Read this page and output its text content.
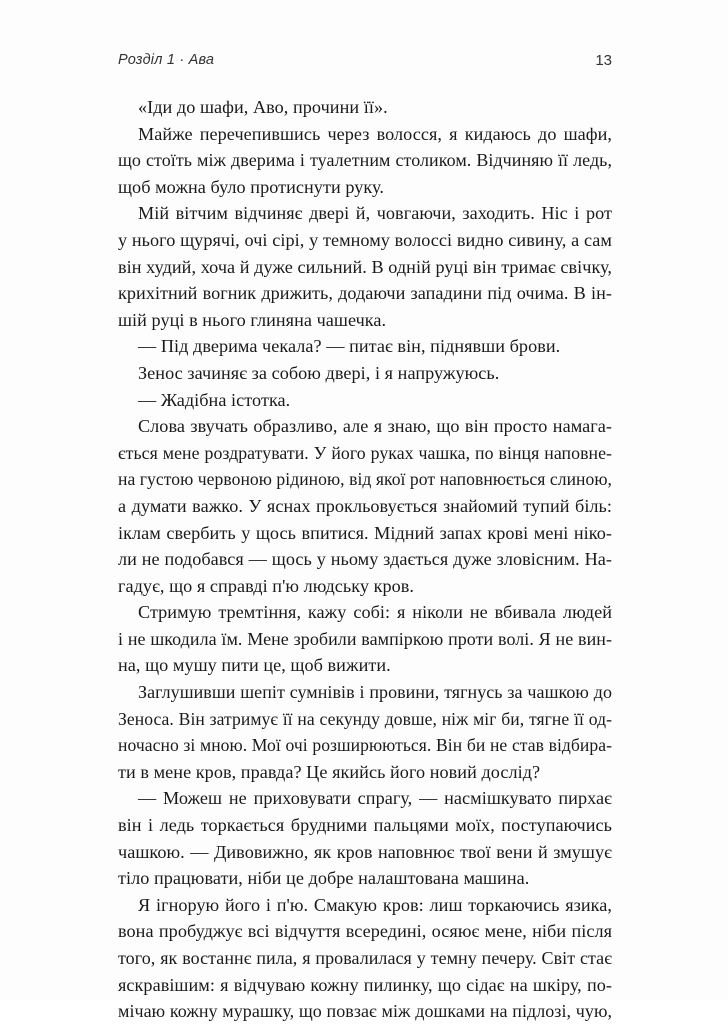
Розділ 1 · Ава	13
«Іди до шафи, Аво, прочини її».
Майже перечепившись через волосся, я кидаюсь до шафи,
що стоїть між дверима і туалетним столиком. Відчиняю її ледь,
щоб можна було протиснути руку.
Мій вітчим відчиняє двері й, човгаючи, заходить. Ніс і рот
у нього щурячі, очі сірі, у темному волоссі видно сивину, а сам
він худий, хоча й дуже сильний. В одній руці він тримає свічку,
крихітний вогник дрижить, додаючи западини під очима. В ін-
шій руці в нього глиняна чашечка.
— Під дверима чекала? — питає він, піднявши брови.
Зенос зачиняє за собою двері, і я напружуюсь.
— Жадібна істотка.
Слова звучать образливо, але я знаю, що він просто намага-
ється мене роздратувати. У його руках чашка, по вінця наповне-
на густою червоною рідиною, від якої рот наповнюється слиною,
а думати важко. У яснах прокльовується знайомий тупий біль:
іклам свербить у щось впитися. Мідний запах крові мені ніко-
ли не подобався — щось у ньому здається дуже зловісним. На-
гадує, що я справді п'ю людську кров.
Стримую тремтіння, кажу собі: я ніколи не вбивала людей
і не шкодила їм. Мене зробили вампіркою проти волі. Я не вин-
на, що мушу пити це, щоб вижити.
Заглушивши шепіт сумнівів і провини, тягнусь за чашкою до
Зеноса. Він затримує її на секунду довше, ніж міг би, тягне її од-
ночасно зі мною. Мої очі розширюються. Він би не став відбира-
ти в мене кров, правда? Це якийсь його новий дослід?
— Можеш не приховувати спрагу, — насмішкувато пирхає
він і ледь торкається брудними пальцями моїх, поступаючись
чашкою. — Дивовижно, як кров наповнює твої вени й змушує
тіло працювати, ніби це добре налаштована машина.
Я ігнорую його і п'ю. Смакую кров: лиш торкаючись язика,
вона пробуджує всі відчуття всередині, осяює мене, ніби після
того, як востаннє пила, я провалилася у темну печеру. Світ стає
яскравішим: я відчуваю кожну пилинку, що сідає на шкіру, по-
мічаю кожну мурашку, що повзає між дошками на підлозі, чую,
